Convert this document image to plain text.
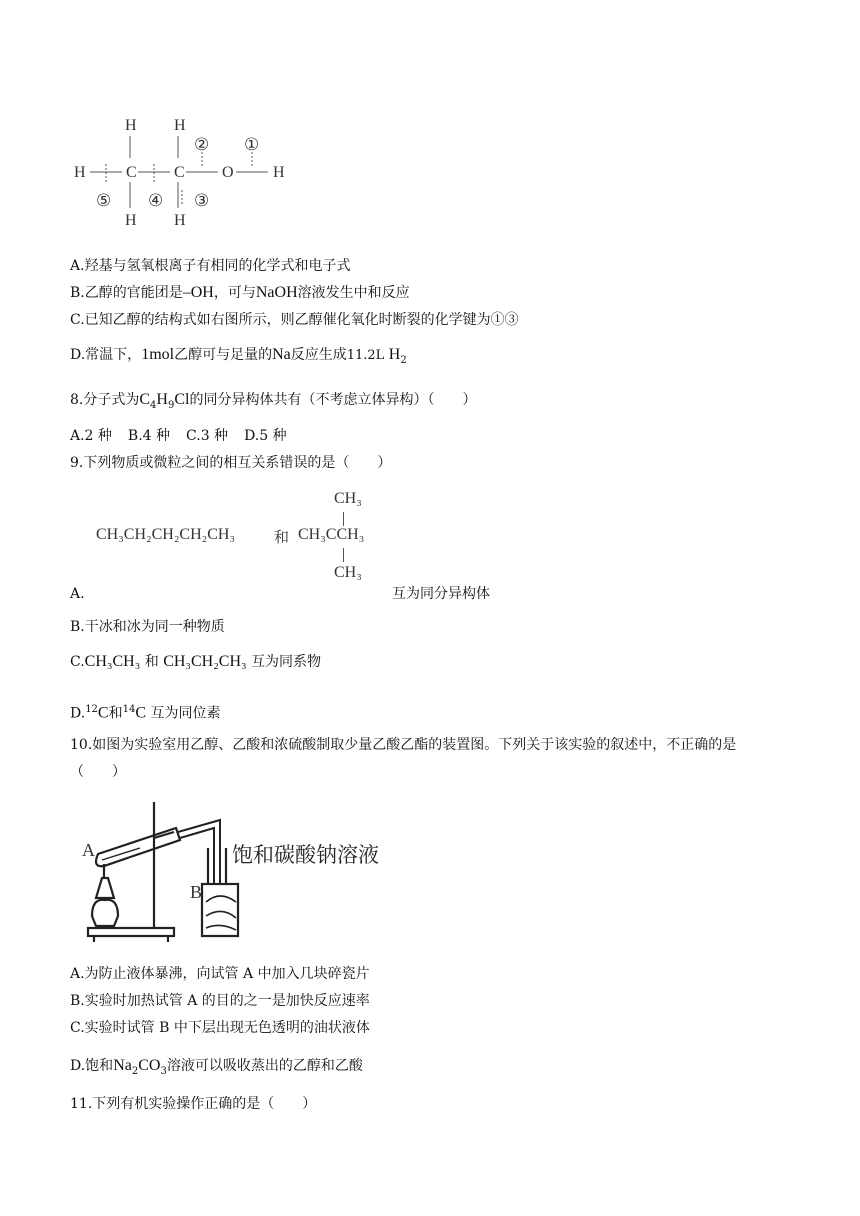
H H
H	C C O H
H H
①
②
③
④
⑤
A.羟基与氢氧根离子有相同的化学式和电子式
B.乙醇的官能团是–OH，可与NaOH溶液发生中和反应
C.已知乙醇的结构式如右图所示，则乙醇催化氧化时断裂的化学键为①③
D.常温下，1mol乙醇可与足量的Na反应生成11.2L $H_2$
8.分子式为$C_4H_9Cl$的同分异构体共有（不考虑立体异构）（　　）
A.2 种 B.4 种 C.3 种 D.5 种
9.下列物质或微粒之间的相互关系错误的是（　　）
CH₃
CH₃CH₂CH₂CH₂CH₃	和 CH₃CCH₃
CH₃
A.	互为同分异构体
B.干冰和冰为同一种物质
C.CH₃CH₃ 和 CH₃CH₂CH₃ 互为同系物
D.$^{12}$C和$^{14}$C 互为同位素
10.如图为实验室用乙醇、乙酸和浓硫酸制取少量乙酸乙酯的装置图。下列关于该实验的叙述中，不正确的是
（　　）
A
B
饱和碳酸钠溶液
A.为防止液体暴沸，向试管 A 中加入几块碎瓷片
B.实验时加热试管 A 的目的之一是加快反应速率
C.实验时试管 B 中下层出现无色透明的油状液体
D.饱和$Na_2CO_3$溶液可以吸收蒸出的乙醇和乙酸
11.下列有机实验操作正确的是（　　）
